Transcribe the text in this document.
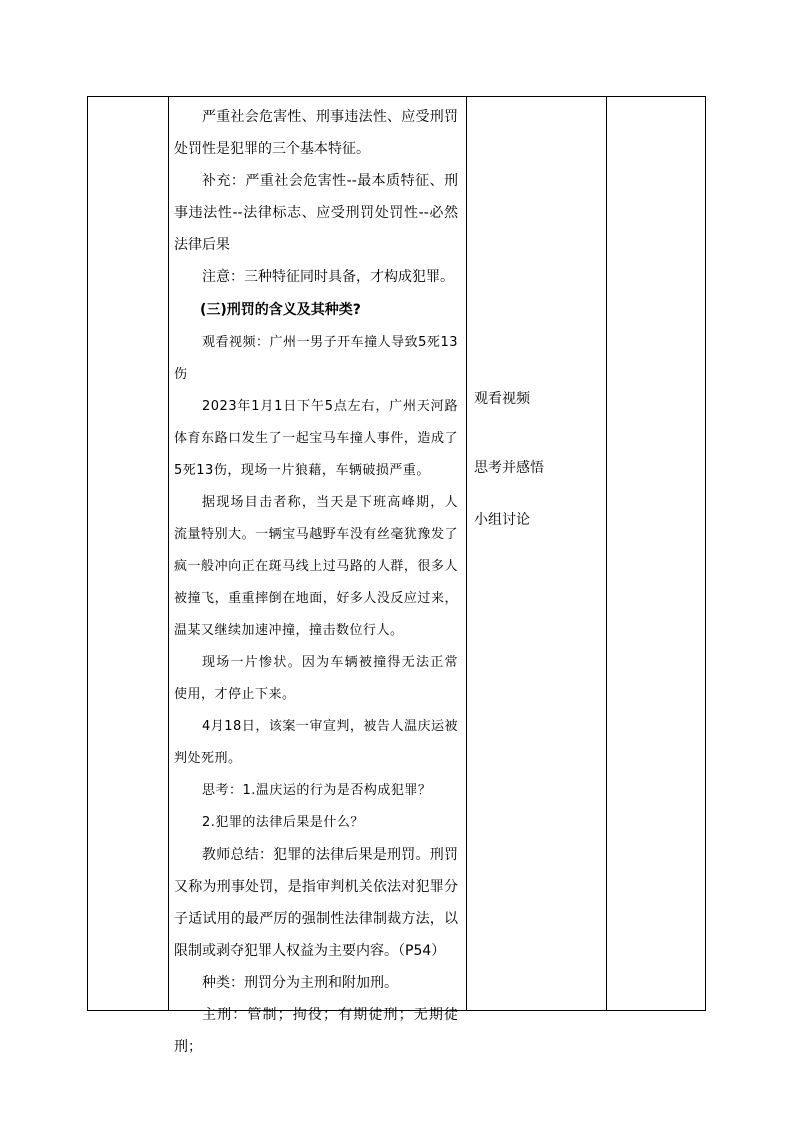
严重社会危害性、刑事违法性、应受刑罚处罚性是犯罪的三个基本特征。

补充：严重社会危害性--最本质特征、刑事违法性--法律标志、应受刑罚处罚性--必然法律后果

注意：三种特征同时具备，才构成犯罪。

(三)刑罚的含义及其种类?

观看视频：广州一男子开车撞人导致5死13伤

2023年1月1日下午5点左右，广州天河路体育东路口发生了一起宝马车撞人事件，造成了5死13伤，现场一片狼藉，车辆破损严重。

据现场目击者称，当天是下班高峰期，人流量特别大。一辆宝马越野车没有丝毫犹豫发了疯一般冲向正在斑马线上过马路的人群，很多人被撞飞，重重摔倒在地面，好多人没反应过来，温某又继续加速冲撞，撞击数位行人。

现场一片惨状。因为车辆被撞得无法正常使用，才停止下来。

4月18日，该案一审宣判，被告人温庆运被判处死刑。

思考：1.温庆运的行为是否构成犯罪？

2.犯罪的法律后果是什么？

教师总结：犯罪的法律后果是刑罚。刑罚又称为刑事处罚，是指审判机关依法对犯罪分子适试用的最严厉的强制性法律制裁方法，以限制或剥夺犯罪人权益为主要内容。（P54）

种类：刑罚分为主刑和附加刑。

主刑：管制；拘役；有期徒刑；无期徒刑；

观看视频
思考并感悟
小组讨论
